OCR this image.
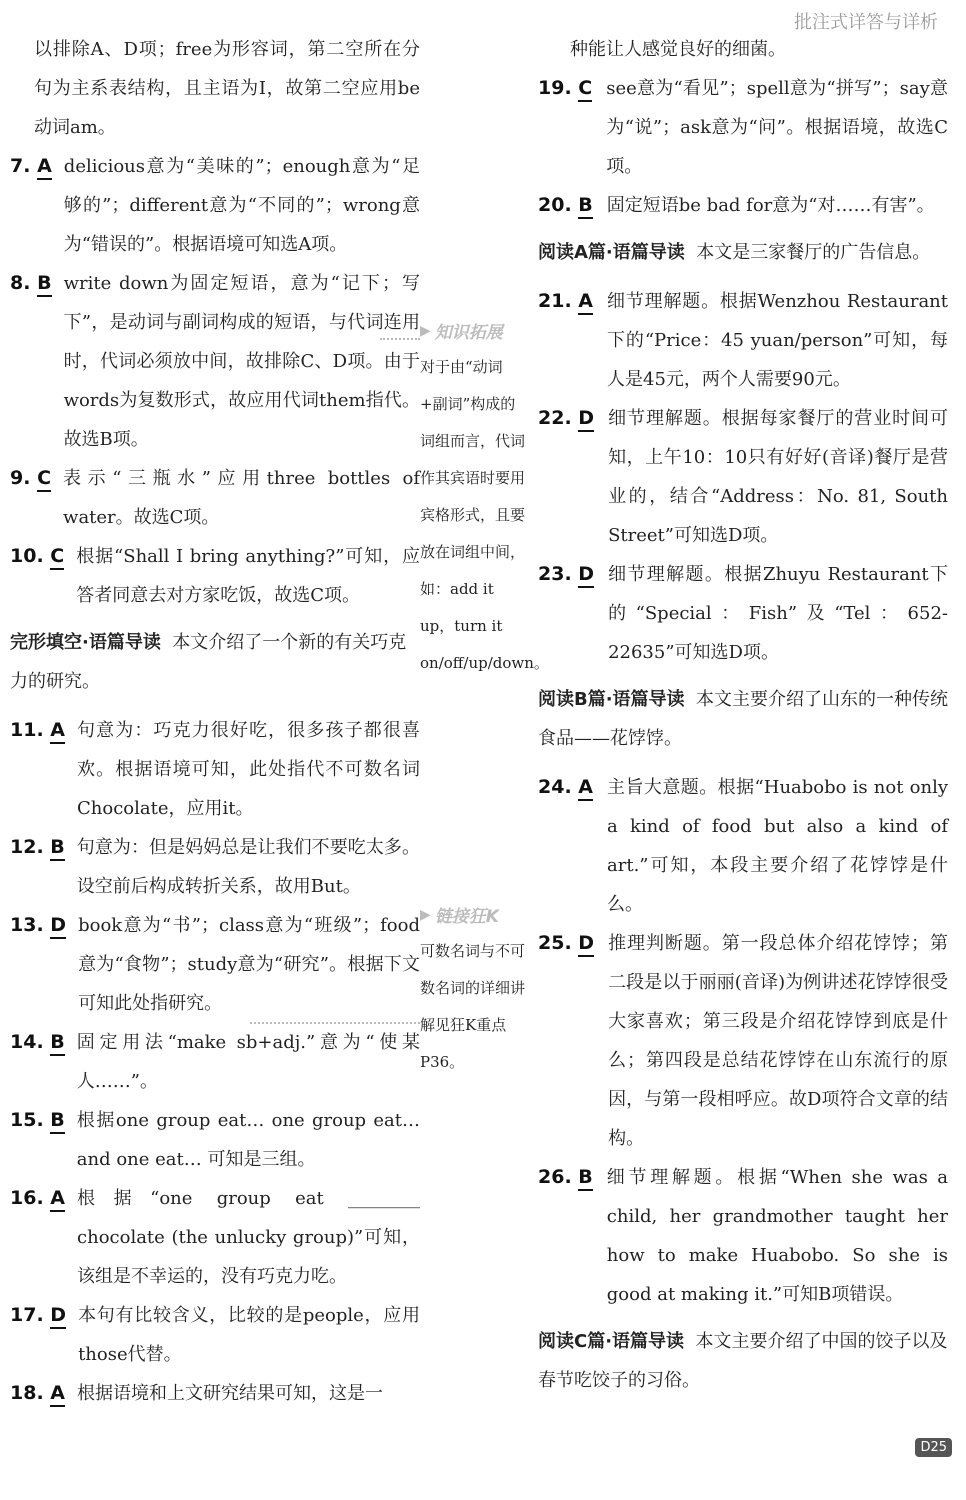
批注式详答与详析

以排除A、D项；free为形容词，第二空所在分句为主系表结构，且主语为I，故第二空应用be动词am。

7. A delicious意为“美味的”；enough意为“足够的”；different意为“不同的”；wrong意为“错误的”。根据语境可知选A项。
8. B write down为固定短语，意为“记下；写下”，是动词与副词构成的短语，与代词连用时，代词必须放中间，故排除C、D项。由于words为复数形式，故应用代词them指代。故选B项。
9. C 表示“三瓶水”应用three bottles of water。故选C项。
10. C 根据“Shall I bring anything?”可知，应答者同意去对方家吃饭，故选C项。
完形填空·语篇导读 本文介绍了一个新的有关巧克力的研究。
11. A 句意为：巧克力很好吃，很多孩子都很喜欢。根据语境可知，此处指代不可数名词Chocolate，应用it。
12. B 句意为：但是妈妈总是让我们不要吃太多。设空前后构成转折关系，故用But。
13. D book意为“书”；class意为“班级”；food意为“食物”；study意为“研究”。根据下文可知此处指研究。
14. B 固定用法“make sb+adj.”意为“使某人……”。
15. B 根据one group eat… one group eat… and one eat… 可知是三组。
16. A 根据“one group eat ________ chocolate (the unlucky group)”可知，该组是不幸运的，没有巧克力吃。
17. D 本句有比较含义，比较的是people，应用those代替。
18. A 根据语境和上文研究结果可知，这是一
▶ 知识拓展
对于由“动词+副词”构成的词组而言，代词作其宾语时要用宾格形式，且要放在词组中间，如：add it up，turn it on/off/up/down。
▶ 链接狂K
可数名词与不可数名词的详细讲解见狂K重点P36。

种能让人感觉良好的细菌。

19. C see意为“看见”；spell意为“拼写”；say意为“说”；ask意为“问”。根据语境，故选C项。
20. B 固定短语be bad for意为“对……有害”。
阅读A篇·语篇导读 本文是三家餐厅的广告信息。
21. A 细节理解题。根据Wenzhou Restaurant下的“Price：45 yuan/person”可知，每人是45元，两个人需要90元。
22. D 细节理解题。根据每家餐厅的营业时间可知，上午10：10只有好好(音译)餐厅是营业的，结合“Address：No. 81, South Street”可知选D项。
23. D 细节理解题。根据Zhuyu Restaurant下的“Special：Fish”及“Tel：652-22635”可知选D项。
阅读B篇·语篇导读 本文主要介绍了山东的一种传统食品——花饽饽。
24. A 主旨大意题。根据“Huabobo is not only a kind of food but also a kind of art.”可知，本段主要介绍了花饽饽是什么。
25. D 推理判断题。第一段总体介绍花饽饽；第二段是以于丽丽(音译)为例讲述花饽饽很受大家喜欢；第三段是介绍花饽饽到底是什么；第四段是总结花饽饽在山东流行的原因，与第一段相呼应。故D项符合文章的结构。
26. B 细节理解题。根据“When she was a child, her grandmother taught her how to make Huabobo. So she is good at making it.”可知B项错误。
阅读C篇·语篇导读 本文主要介绍了中国的饺子以及春节吃饺子的习俗。
D25
